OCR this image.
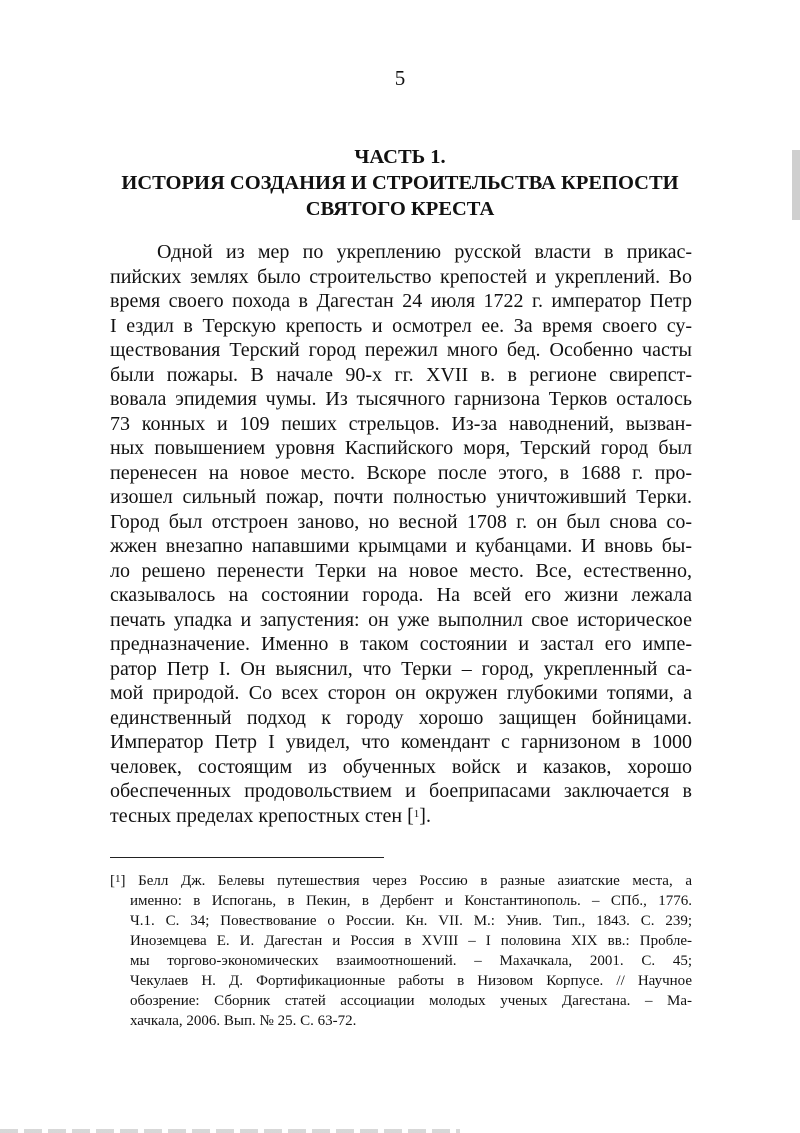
5
ЧАСТЬ 1.
ИСТОРИЯ СОЗДАНИЯ И СТРОИТЕЛЬСТВА КРЕПОСТИ
СВЯТОГО КРЕСТА
Одной из мер по укреплению русской власти в прикас-
пийских землях было строительство крепостей и укреплений. Во
время своего похода в Дагестан 24 июля 1722 г. император Петр
I ездил в Терскую крепость и осмотрел ее. За время своего су-
ществования Терский город пережил много бед. Особенно часты
были пожары. В начале 90-х гг. XVII в. в регионе свирепст-
вовала эпидемия чумы. Из тысячного гарнизона Терков осталось
73 конных и 109 пеших стрельцов. Из-за наводнений, вызван-
ных повышением уровня Каспийского моря, Терский город был
перенесен на новое место. Вскоре после этого, в 1688 г. про-
изошел сильный пожар, почти полностью уничтоживший Терки.
Город был отстроен заново, но весной 1708 г. он был снова со-
жжен внезапно напавшими крымцами и кубанцами. И вновь бы-
ло решено перенести Терки на новое место. Все, естественно,
сказывалось на состоянии города. На всей его жизни лежала
печать упадка и запустения: он уже выполнил свое историческое
предназначение. Именно в таком состоянии и застал его импе-
ратор Петр I. Он выяснил, что Терки – город, укрепленный са-
мой природой. Со всех сторон он окружен глубокими топями, а
единственный подход к городу хорошо защищен бойницами.
Император Петр I увидел, что комендант с гарнизоном в 1000
человек, состоящим из обученных войск и казаков, хорошо
обеспеченных продовольствием и боеприпасами заключается в
тесных пределах крепостных стен [$^1$].
[$^1$] Белл Дж. Белевы путешествия через Россию в разные азиатские места, а
именно: в Испогань, в Пекин, в Дербент и Константинополь. – СПб., 1776.
Ч.1. С. 34; Повествование о России. Кн. VII. М.: Унив. Тип., 1843. С. 239;
Иноземцева Е. И. Дагестан и Россия в XVIII – I половина XIX вв.: Пробле-
мы торгово-экономических взаимоотношений. – Махачкала, 2001. С. 45;
Чекулаев Н. Д. Фортификационные работы в Низовом Корпусе. // Научное
обозрение: Сборник статей ассоциации молодых ученых Дагестана. – Ма-
хачкала, 2006. Вып. № 25. С. 63-72.
